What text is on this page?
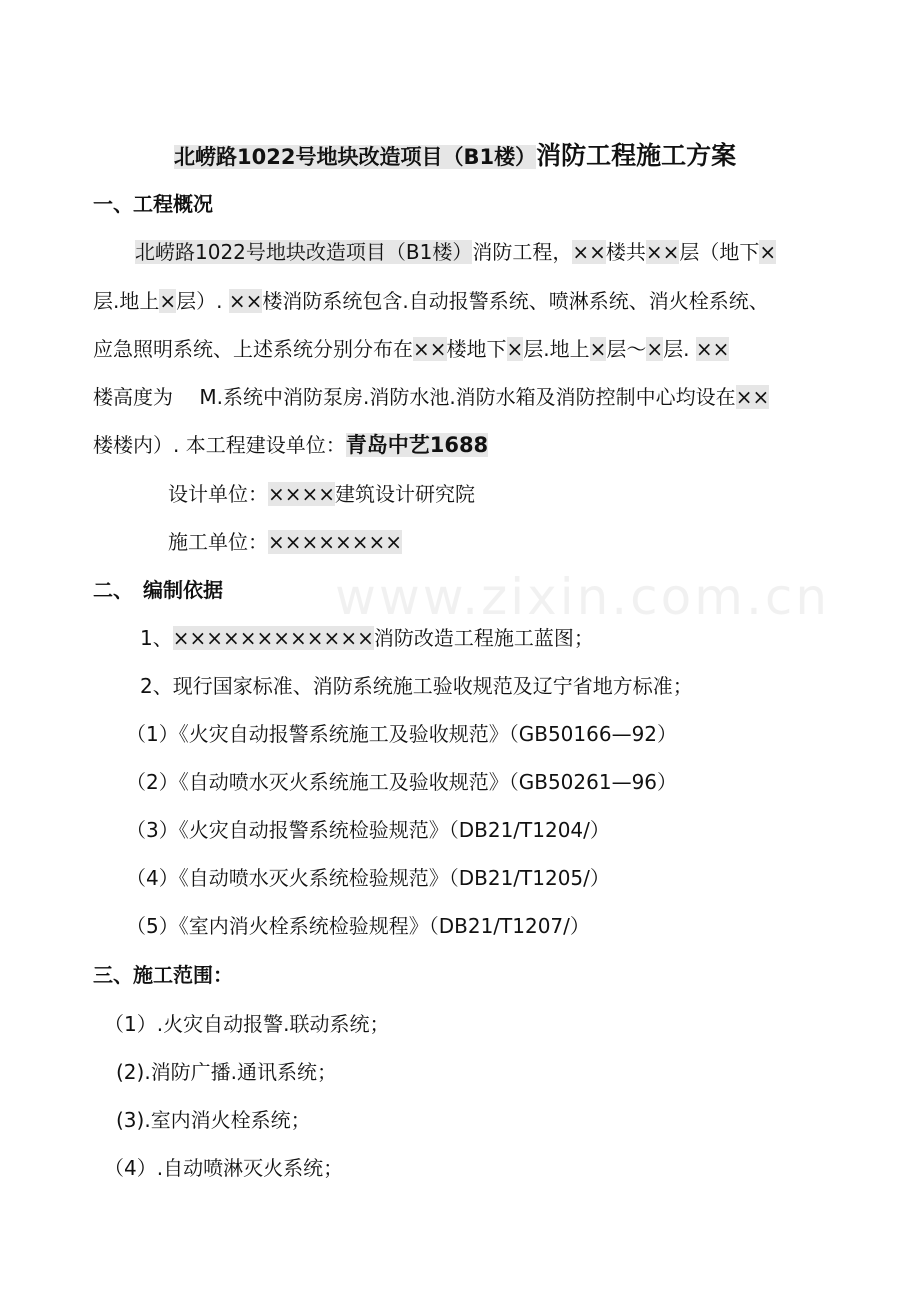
北崂路1022号地块改造项目（B1楼）消防工程施工方案
一、工程概况
北崂路1022号地块改造项目（B1楼）消防工程，××楼共××层（地下×
层.地上×层）. ××楼消防系统包含.自动报警系统、喷淋系统、消火栓系统、
应急照明系统、上述系统分别分布在××楼地下×层.地上×层～×层. ××
楼高度为　 M.系统中消防泵房.消防水池.消防水箱及消防控制中心均设在××
楼楼内）. 本工程建设单位：青岛中艺1688
设计单位：××××建筑设计研究院
施工单位：××××××××
二、　编制依据
1、××××××××××××消防改造工程施工蓝图；
2、现行国家标准、消防系统施工验收规范及辽宁省地方标准；
（1）《火灾自动报警系统施工及验收规范》（GB50166—92）
（2）《自动喷水灭火系统施工及验收规范》（GB50261—96）
（3）《火灾自动报警系统检验规范》（DB21/T1204/）
（4）《自动喷水灭火系统检验规范》（DB21/T1205/）
（5）《室内消火栓系统检验规程》（DB21/T1207/）
三、施工范围：
（1）.火灾自动报警.联动系统；
(2).消防广播.通讯系统；
(3).室内消火栓系统；
（4）.自动喷淋灭火系统；
www.zixin.com.cn
